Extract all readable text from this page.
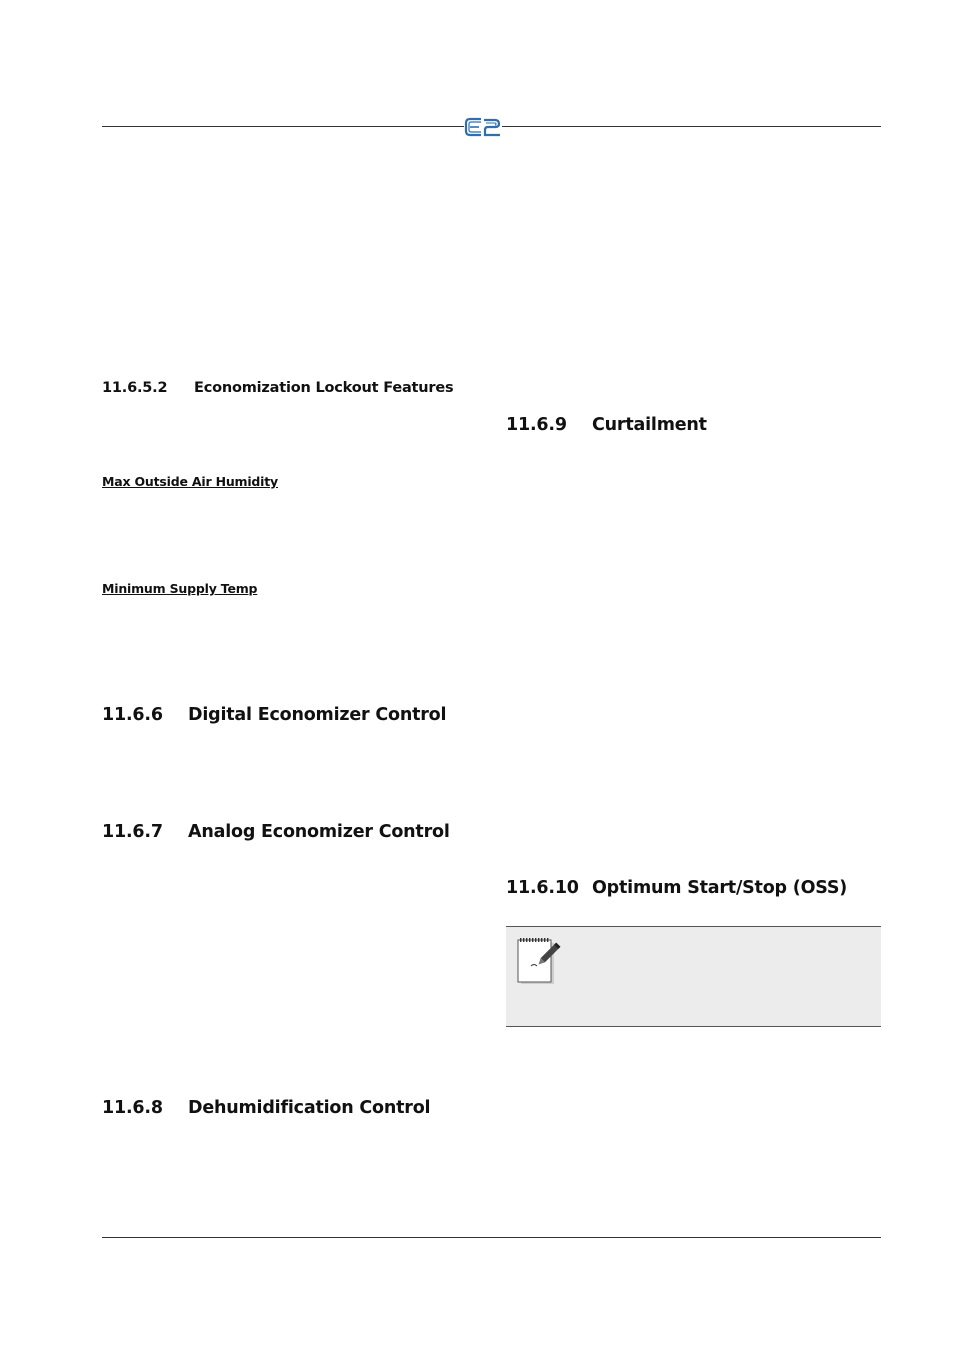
11.6.5.2 Economization Lockout Features
Max Outside Air Humidity
Minimum Supply Temp
11.6.6 Digital Economizer Control
11.6.7 Analog Economizer Control
11.6.8 Dehumidification Control
11.6.9 Curtailment
11.6.10 Optimum Start/Stop (OSS)
